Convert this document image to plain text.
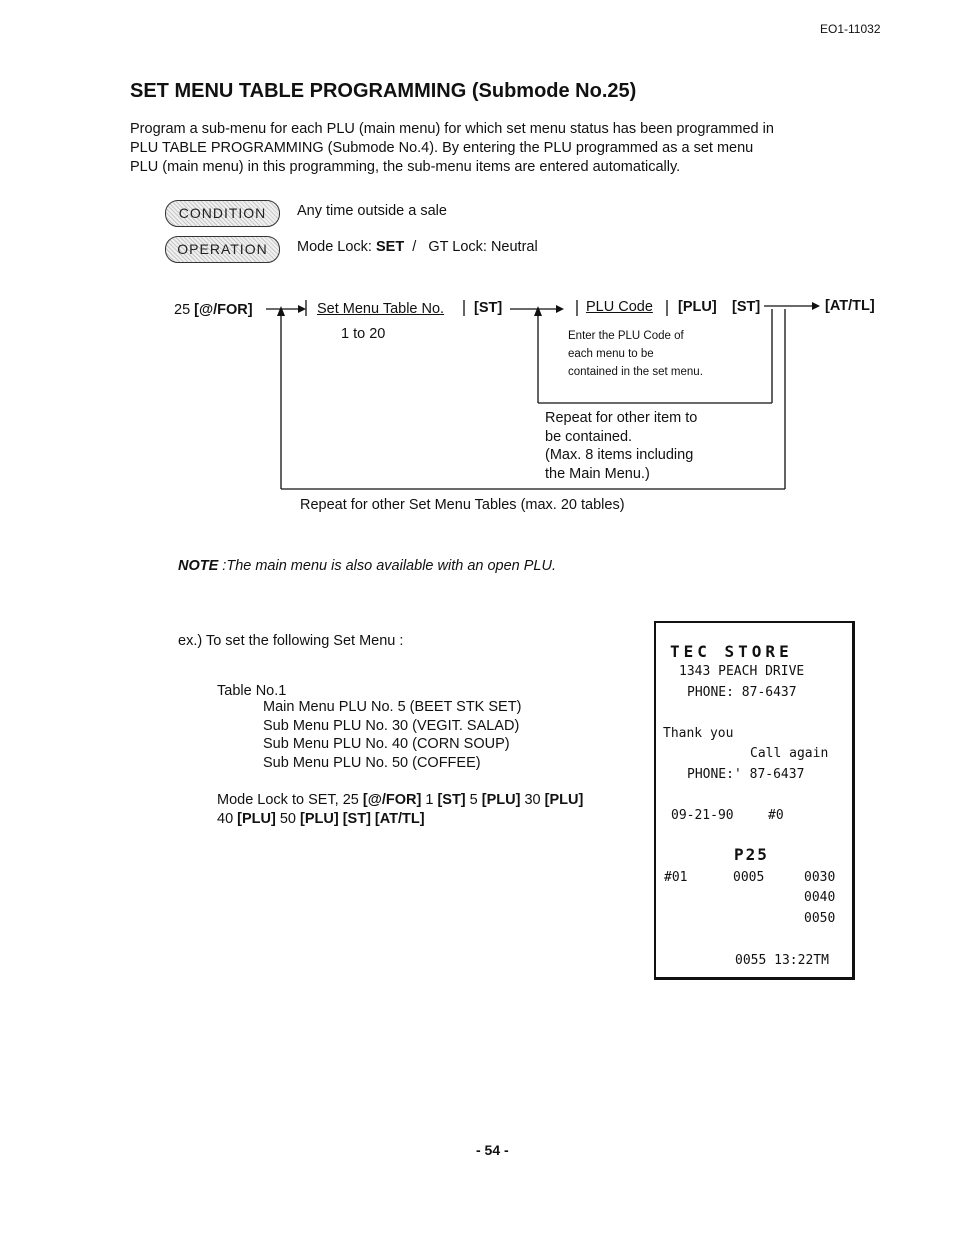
EO1-11032
SET MENU TABLE PROGRAMMING (Submode No.25)
Program a sub-menu for each PLU (main menu) for which set menu status has been programmed in
PLU TABLE PROGRAMMING (Submode No.4). By entering the PLU programmed as a set menu
PLU (main menu) in this programming, the sub-menu items are entered automatically.
CONDITION	Any time outside a sale
OPERATION	Mode Lock: SET  /   GT Lock: Neutral
25 [@/FOR]	Set Menu Table No. [ST]
1 to 20
PLU Code [PLU] [ST]	[AT/TL]
Enter the PLU Code of
each menu to be
contained in the set menu.
Repeat for other item to
be contained.
(Max. 8 items including
the Main Menu.)
Repeat for other Set Menu Tables (max. 20 tables)
NOTE :The main menu is also available with an open PLU.
ex.) To set the following Set Menu :
Table No.1
Main Menu PLU No. 5 (BEET STK SET)
Sub Menu PLU No. 30 (VEGIT. SALAD)
Sub Menu PLU No. 40 (CORN SOUP)
Sub Menu PLU No. 50 (COFFEE)
Mode Lock to SET, 25 [@/FOR] 1 [ST] 5 [PLU] 30 [PLU]
40 [PLU] 50 [PLU] [ST] [AT/TL]
TEC STORE
1343 PEACH DRIVE
PHONE: 87-6437
Thank you
Call again
PHONE:' 87-6437
09-21-90	#0
P25
#01	0005	0030
0040
0050
0055 13:22TM
- 54 -
